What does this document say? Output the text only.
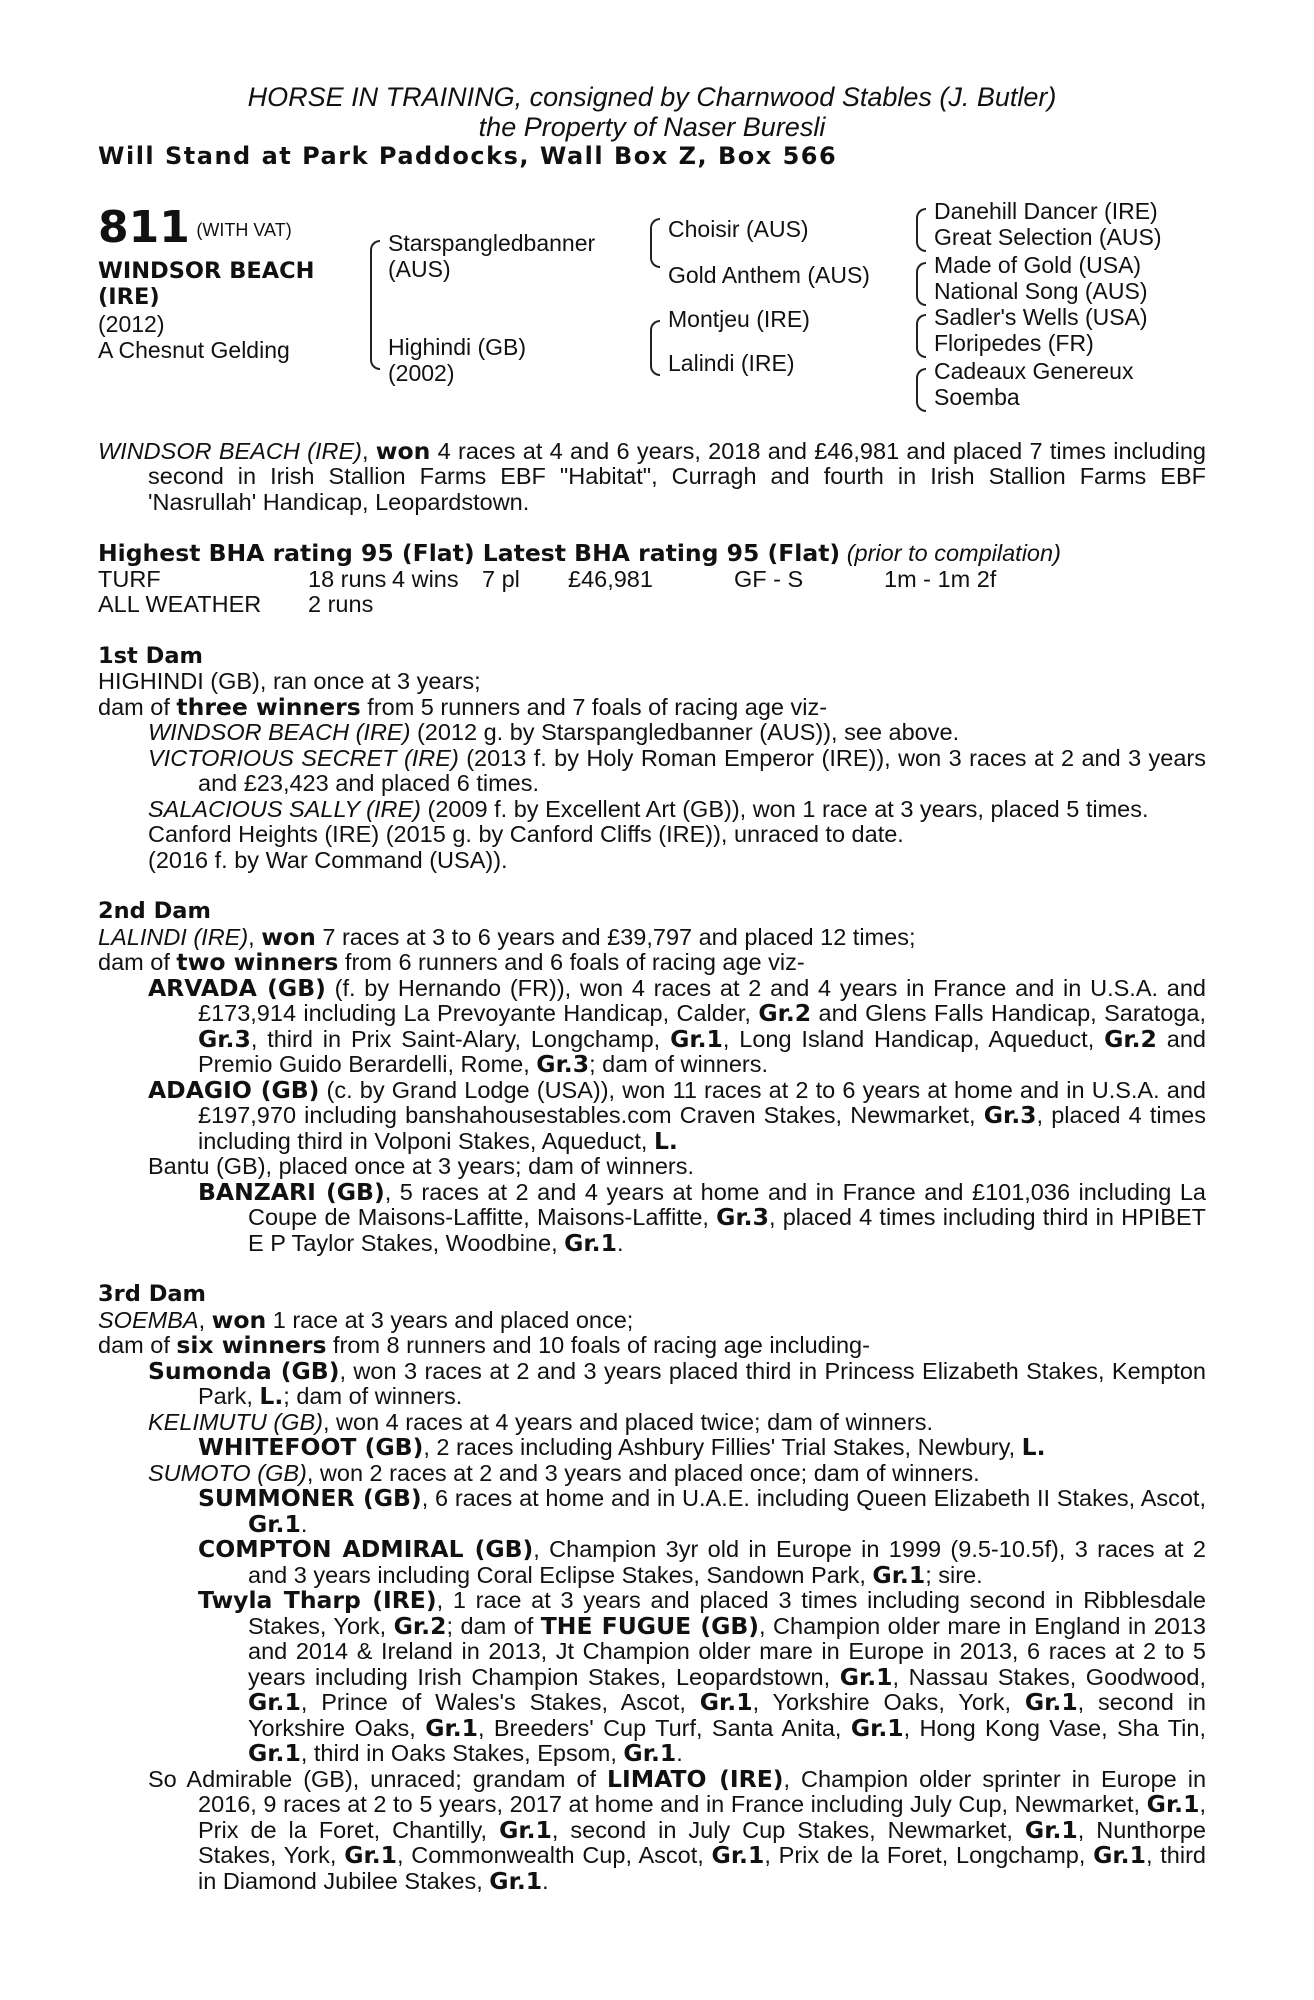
HORSE IN TRAINING, consigned by Charnwood Stables (J. Butler)
the Property of Naser Buresli
Will Stand at Park Paddocks, Wall Box Z, Box 566
811 $^{(WITH VAT)}$
WINDSOR BEACH
(IRE)
(2012)
A Chesnut Gelding
Starspangledbanner
(AUS)
Highindi (GB)
(2002)
Choisir (AUS)
Gold Anthem (AUS)
Montjeu (IRE)
Lalindi (IRE)
Danehill Dancer (IRE)
Great Selection (AUS)
Made of Gold (USA)
National Song (AUS)
Sadler's Wells (USA)
Floripedes (FR)
Cadeaux Genereux
Soemba
WINDSOR BEACH (IRE), won 4 races at 4 and 6 years, 2018 and £46,981 and placed 7 times including second in Irish Stallion Farms EBF "Habitat", Curragh and fourth in Irish Stallion Farms EBF 'Nasrullah' Handicap, Leopardstown.
Highest BHA rating 95 (Flat) Latest BHA rating 95 (Flat) (prior to compilation)
TURF	18 runs 4 wins 7 pl £46,981	GF - S	1m - 1m 2f
ALL WEATHER 2 runs
1st Dam
HIGHINDI (GB), ran once at 3 years;
dam of three winners from 5 runners and 7 foals of racing age viz-
WINDSOR BEACH (IRE) (2012 g. by Starspangledbanner (AUS)), see above.
VICTORIOUS SECRET (IRE) (2013 f. by Holy Roman Emperor (IRE)), won 3 races at 2 and 3 years and £23,423 and placed 6 times.
SALACIOUS SALLY (IRE) (2009 f. by Excellent Art (GB)), won 1 race at 3 years, placed 5 times.
Canford Heights (IRE) (2015 g. by Canford Cliffs (IRE)), unraced to date.
(2016 f. by War Command (USA)).
2nd Dam
LALINDI (IRE), won 7 races at 3 to 6 years and £39,797 and placed 12 times;
dam of two winners from 6 runners and 6 foals of racing age viz-
ARVADA (GB) (f. by Hernando (FR)), won 4 races at 2 and 4 years in France and in U.S.A. and £173,914 including La Prevoyante Handicap, Calder, Gr.2 and Glens Falls Handicap, Saratoga, Gr.3, third in Prix Saint-Alary, Longchamp, Gr.1, Long Island Handicap, Aqueduct, Gr.2 and Premio Guido Berardelli, Rome, Gr.3; dam of winners.
ADAGIO (GB) (c. by Grand Lodge (USA)), won 11 races at 2 to 6 years at home and in U.S.A. and £197,970 including banshahousestables.com Craven Stakes, Newmarket, Gr.3, placed 4 times including third in Volponi Stakes, Aqueduct, L.
Bantu (GB), placed once at 3 years; dam of winners.
BANZARI (GB), 5 races at 2 and 4 years at home and in France and £101,036 including La Coupe de Maisons-Laffitte, Maisons-Laffitte, Gr.3, placed 4 times including third in HPIBET E P Taylor Stakes, Woodbine, Gr.1.
3rd Dam
SOEMBA, won 1 race at 3 years and placed once;
dam of six winners from 8 runners and 10 foals of racing age including-
Sumonda (GB), won 3 races at 2 and 3 years placed third in Princess Elizabeth Stakes, Kempton Park, L.; dam of winners.
KELIMUTU (GB), won 4 races at 4 years and placed twice; dam of winners.
WHITEFOOT (GB), 2 races including Ashbury Fillies' Trial Stakes, Newbury, L.
SUMOTO (GB), won 2 races at 2 and 3 years and placed once; dam of winners.
SUMMONER (GB), 6 races at home and in U.A.E. including Queen Elizabeth II Stakes, Ascot, Gr.1.
COMPTON ADMIRAL (GB), Champion 3yr old in Europe in 1999 (9.5-10.5f), 3 races at 2 and 3 years including Coral Eclipse Stakes, Sandown Park, Gr.1; sire.
Twyla Tharp (IRE), 1 race at 3 years and placed 3 times including second in Ribblesdale Stakes, York, Gr.2; dam of THE FUGUE (GB), Champion older mare in England in 2013 and 2014 & Ireland in 2013, Jt Champion older mare in Europe in 2013, 6 races at 2 to 5 years including Irish Champion Stakes, Leopardstown, Gr.1, Nassau Stakes, Goodwood, Gr.1, Prince of Wales's Stakes, Ascot, Gr.1, Yorkshire Oaks, York, Gr.1, second in Yorkshire Oaks, Gr.1, Breeders' Cup Turf, Santa Anita, Gr.1, Hong Kong Vase, Sha Tin, Gr.1, third in Oaks Stakes, Epsom, Gr.1.
So Admirable (GB), unraced; grandam of LIMATO (IRE), Champion older sprinter in Europe in 2016, 9 races at 2 to 5 years, 2017 at home and in France including July Cup, Newmarket, Gr.1, Prix de la Foret, Chantilly, Gr.1, second in July Cup Stakes, Newmarket, Gr.1, Nunthorpe Stakes, York, Gr.1, Commonwealth Cup, Ascot, Gr.1, Prix de la Foret, Longchamp, Gr.1, third in Diamond Jubilee Stakes, Gr.1.
